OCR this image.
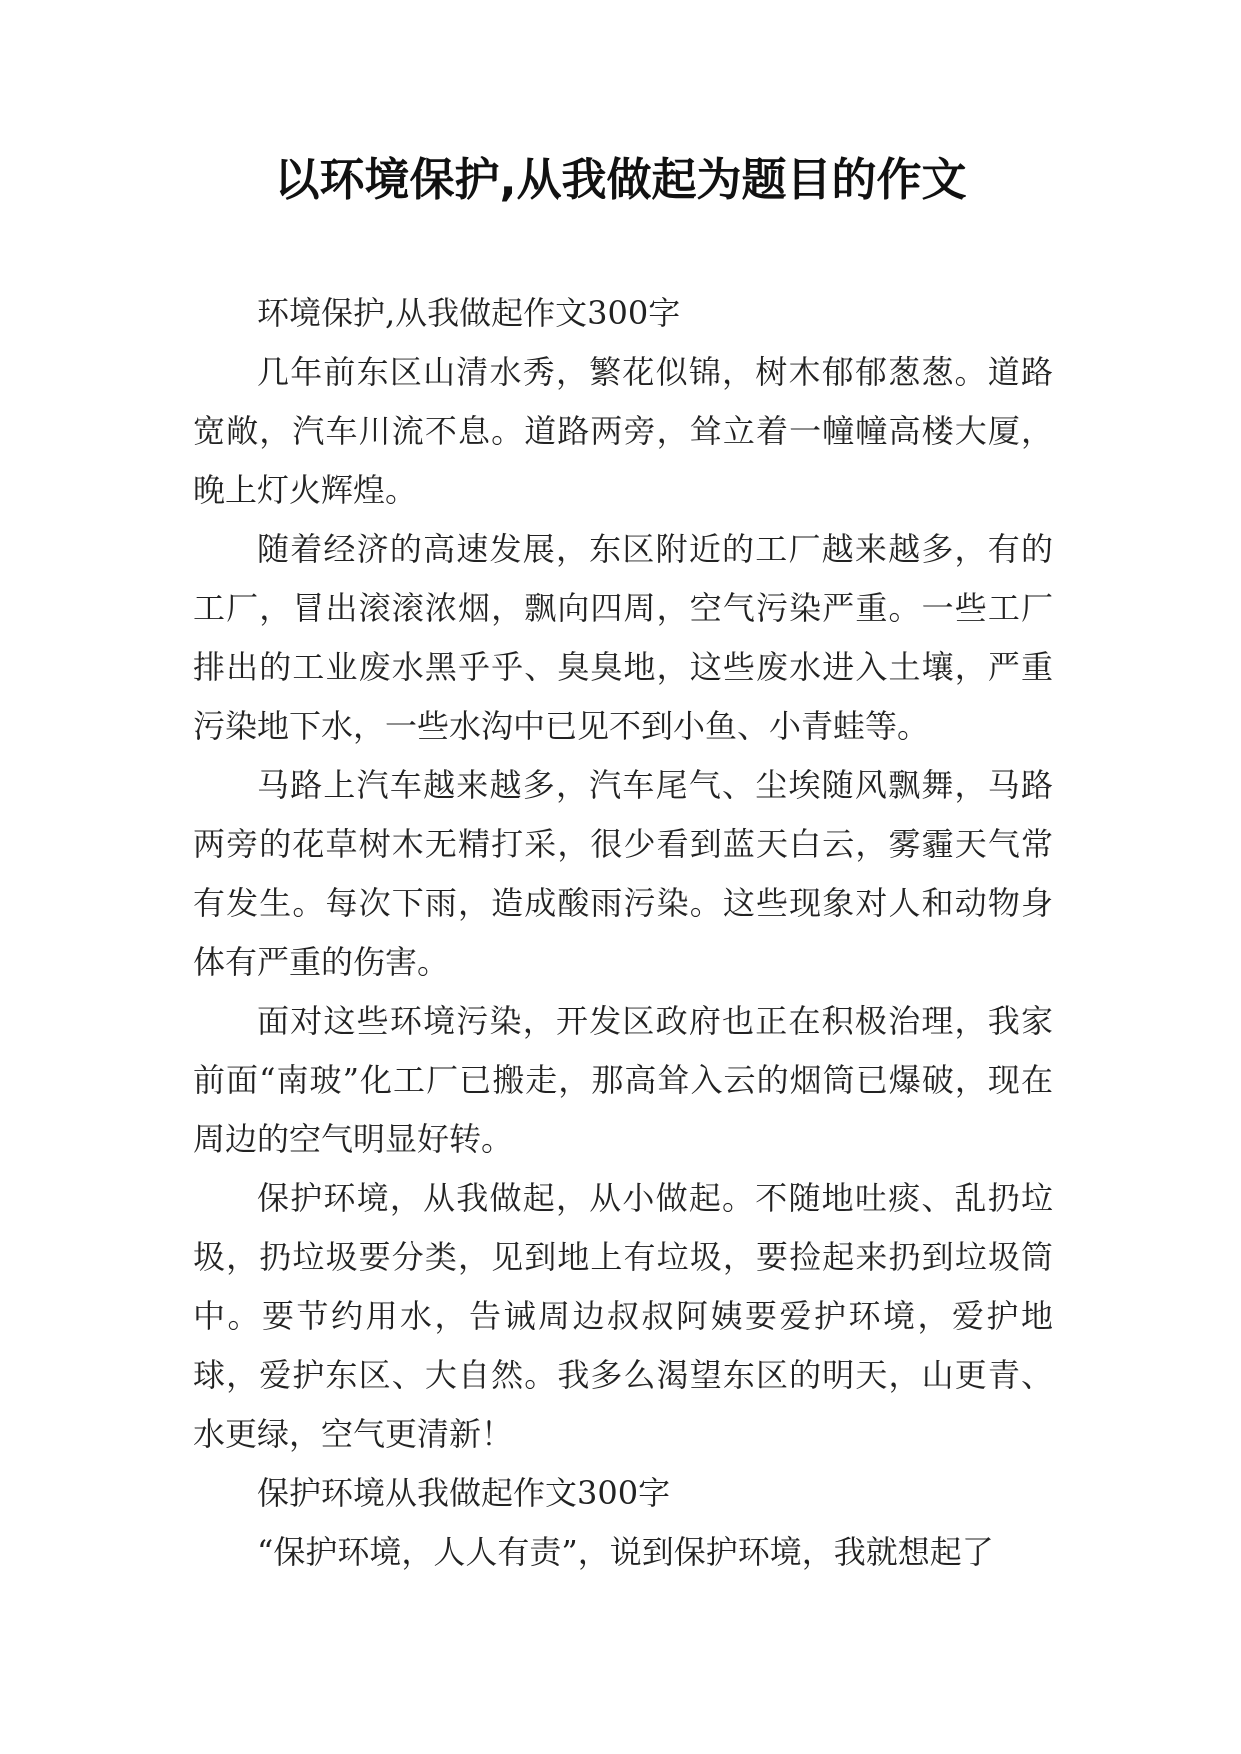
以环境保护,从我做起为题目的作文

环境保护,从我做起作文300字

几年前东区山清水秀，繁花似锦，树木郁郁葱葱。道路宽敞，汽车川流不息。道路两旁，耸立着一幢幢高楼大厦，晚上灯火辉煌。

随着经济的高速发展，东区附近的工厂越来越多，有的工厂，冒出滚滚浓烟，飘向四周，空气污染严重。一些工厂排出的工业废水黑乎乎、臭臭地，这些废水进入土壤，严重污染地下水，一些水沟中已见不到小鱼、小青蛙等。

马路上汽车越来越多，汽车尾气、尘埃随风飘舞，马路两旁的花草树木无精打采，很少看到蓝天白云，雾霾天气常有发生。每次下雨，造成酸雨污染。这些现象对人和动物身体有严重的伤害。

面对这些环境污染，开发区政府也正在积极治理，我家前面“南玻”化工厂已搬走，那高耸入云的烟筒已爆破，现在周边的空气明显好转。

保护环境，从我做起，从小做起。不随地吐痰、乱扔垃圾，扔垃圾要分类，见到地上有垃圾，要捡起来扔到垃圾筒中。要节约用水，告诫周边叔叔阿姨要爱护环境，爱护地球，爱护东区、大自然。我多么渴望东区的明天，山更青、水更绿，空气更清新！

保护环境从我做起作文300字

“保护环境，人人有责”，说到保护环境，我就想起了
